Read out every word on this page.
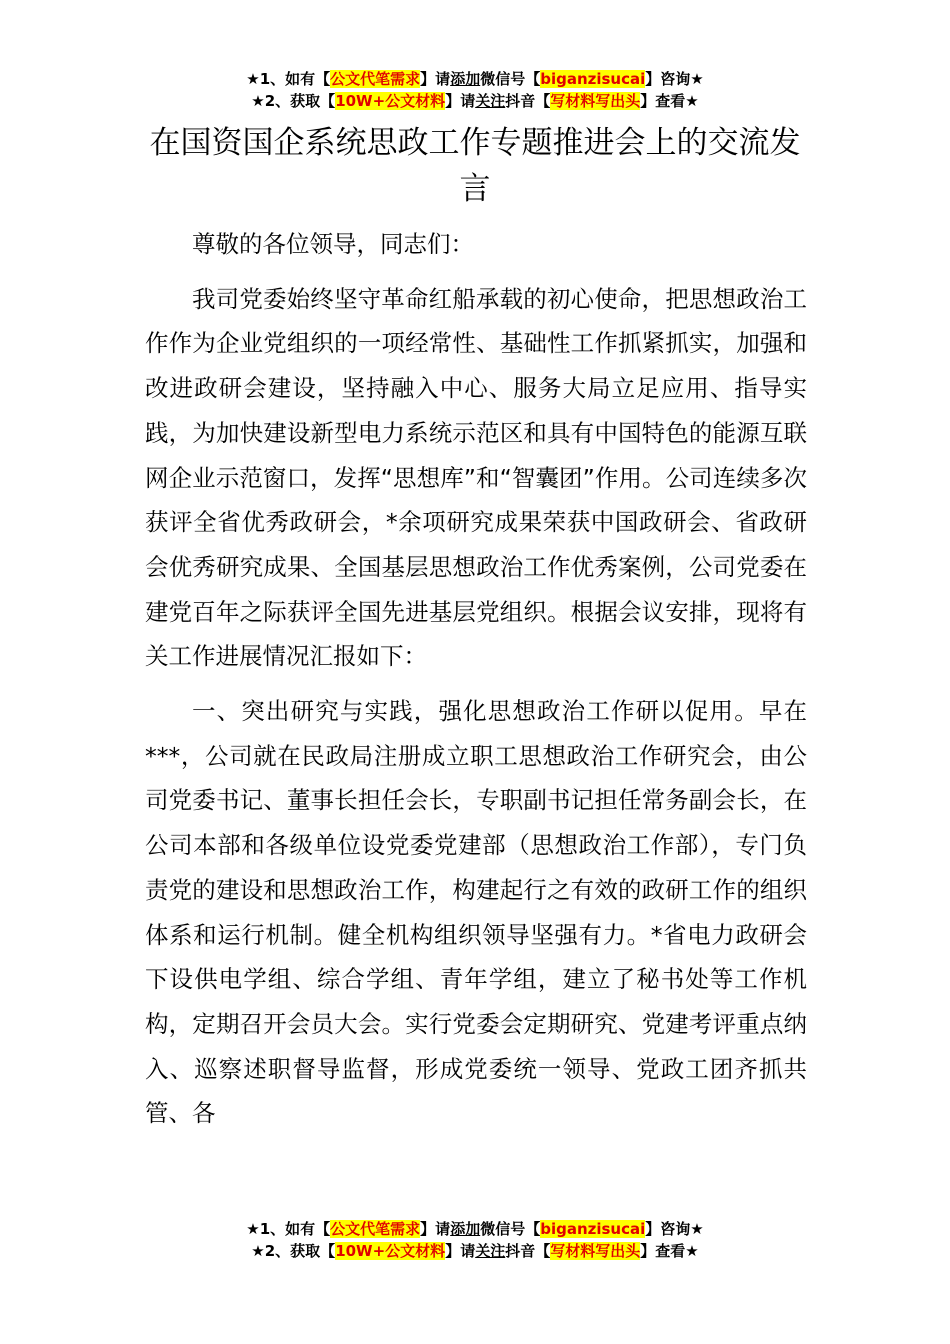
★1、如有【公文代笔需求】请添加微信号【biganzisucai】咨询★
★2、获取【10W+公文材料】请关注抖音【写材料写出头】查看★
在国资国企系统思政工作专题推进会上的交流发言

尊敬的各位领导，同志们：

我司党委始终坚守革命红船承载的初心使命，把思想政治工作作为企业党组织的一项经常性、基础性工作抓紧抓实，加强和改进政研会建设，坚持融入中心、服务大局立足应用、指导实践，为加快建设新型电力系统示范区和具有中国特色的能源互联网企业示范窗口，发挥“思想库”和“智囊团”作用。公司连续多次获评全省优秀政研会，*余项研究成果荣获中国政研会、省政研会优秀研究成果、全国基层思想政治工作优秀案例，公司党委在建党百年之际获评全国先进基层党组织。根据会议安排，现将有关工作进展情况汇报如下：

一、突出研究与实践，强化思想政治工作研以促用。早在***，公司就在民政局注册成立职工思想政治工作研究会，由公司党委书记、董事长担任会长，专职副书记担任常务副会长，在公司本部和各级单位设党委党建部（思想政治工作部），专门负责党的建设和思想政治工作，构建起行之有效的政研工作的组织体系和运行机制。健全机构组织领导坚强有力。*省电力政研会下设供电学组、综合学组、青年学组，建立了秘书处等工作机构，定期召开会员大会。实行党委会定期研究、党建考评重点纳入、巡察述职督导监督，形成党委统一领导、党政工团齐抓共管、各

★1、如有【公文代笔需求】请添加微信号【biganzisucai】咨询★
★2、获取【10W+公文材料】请关注抖音【写材料写出头】查看★
